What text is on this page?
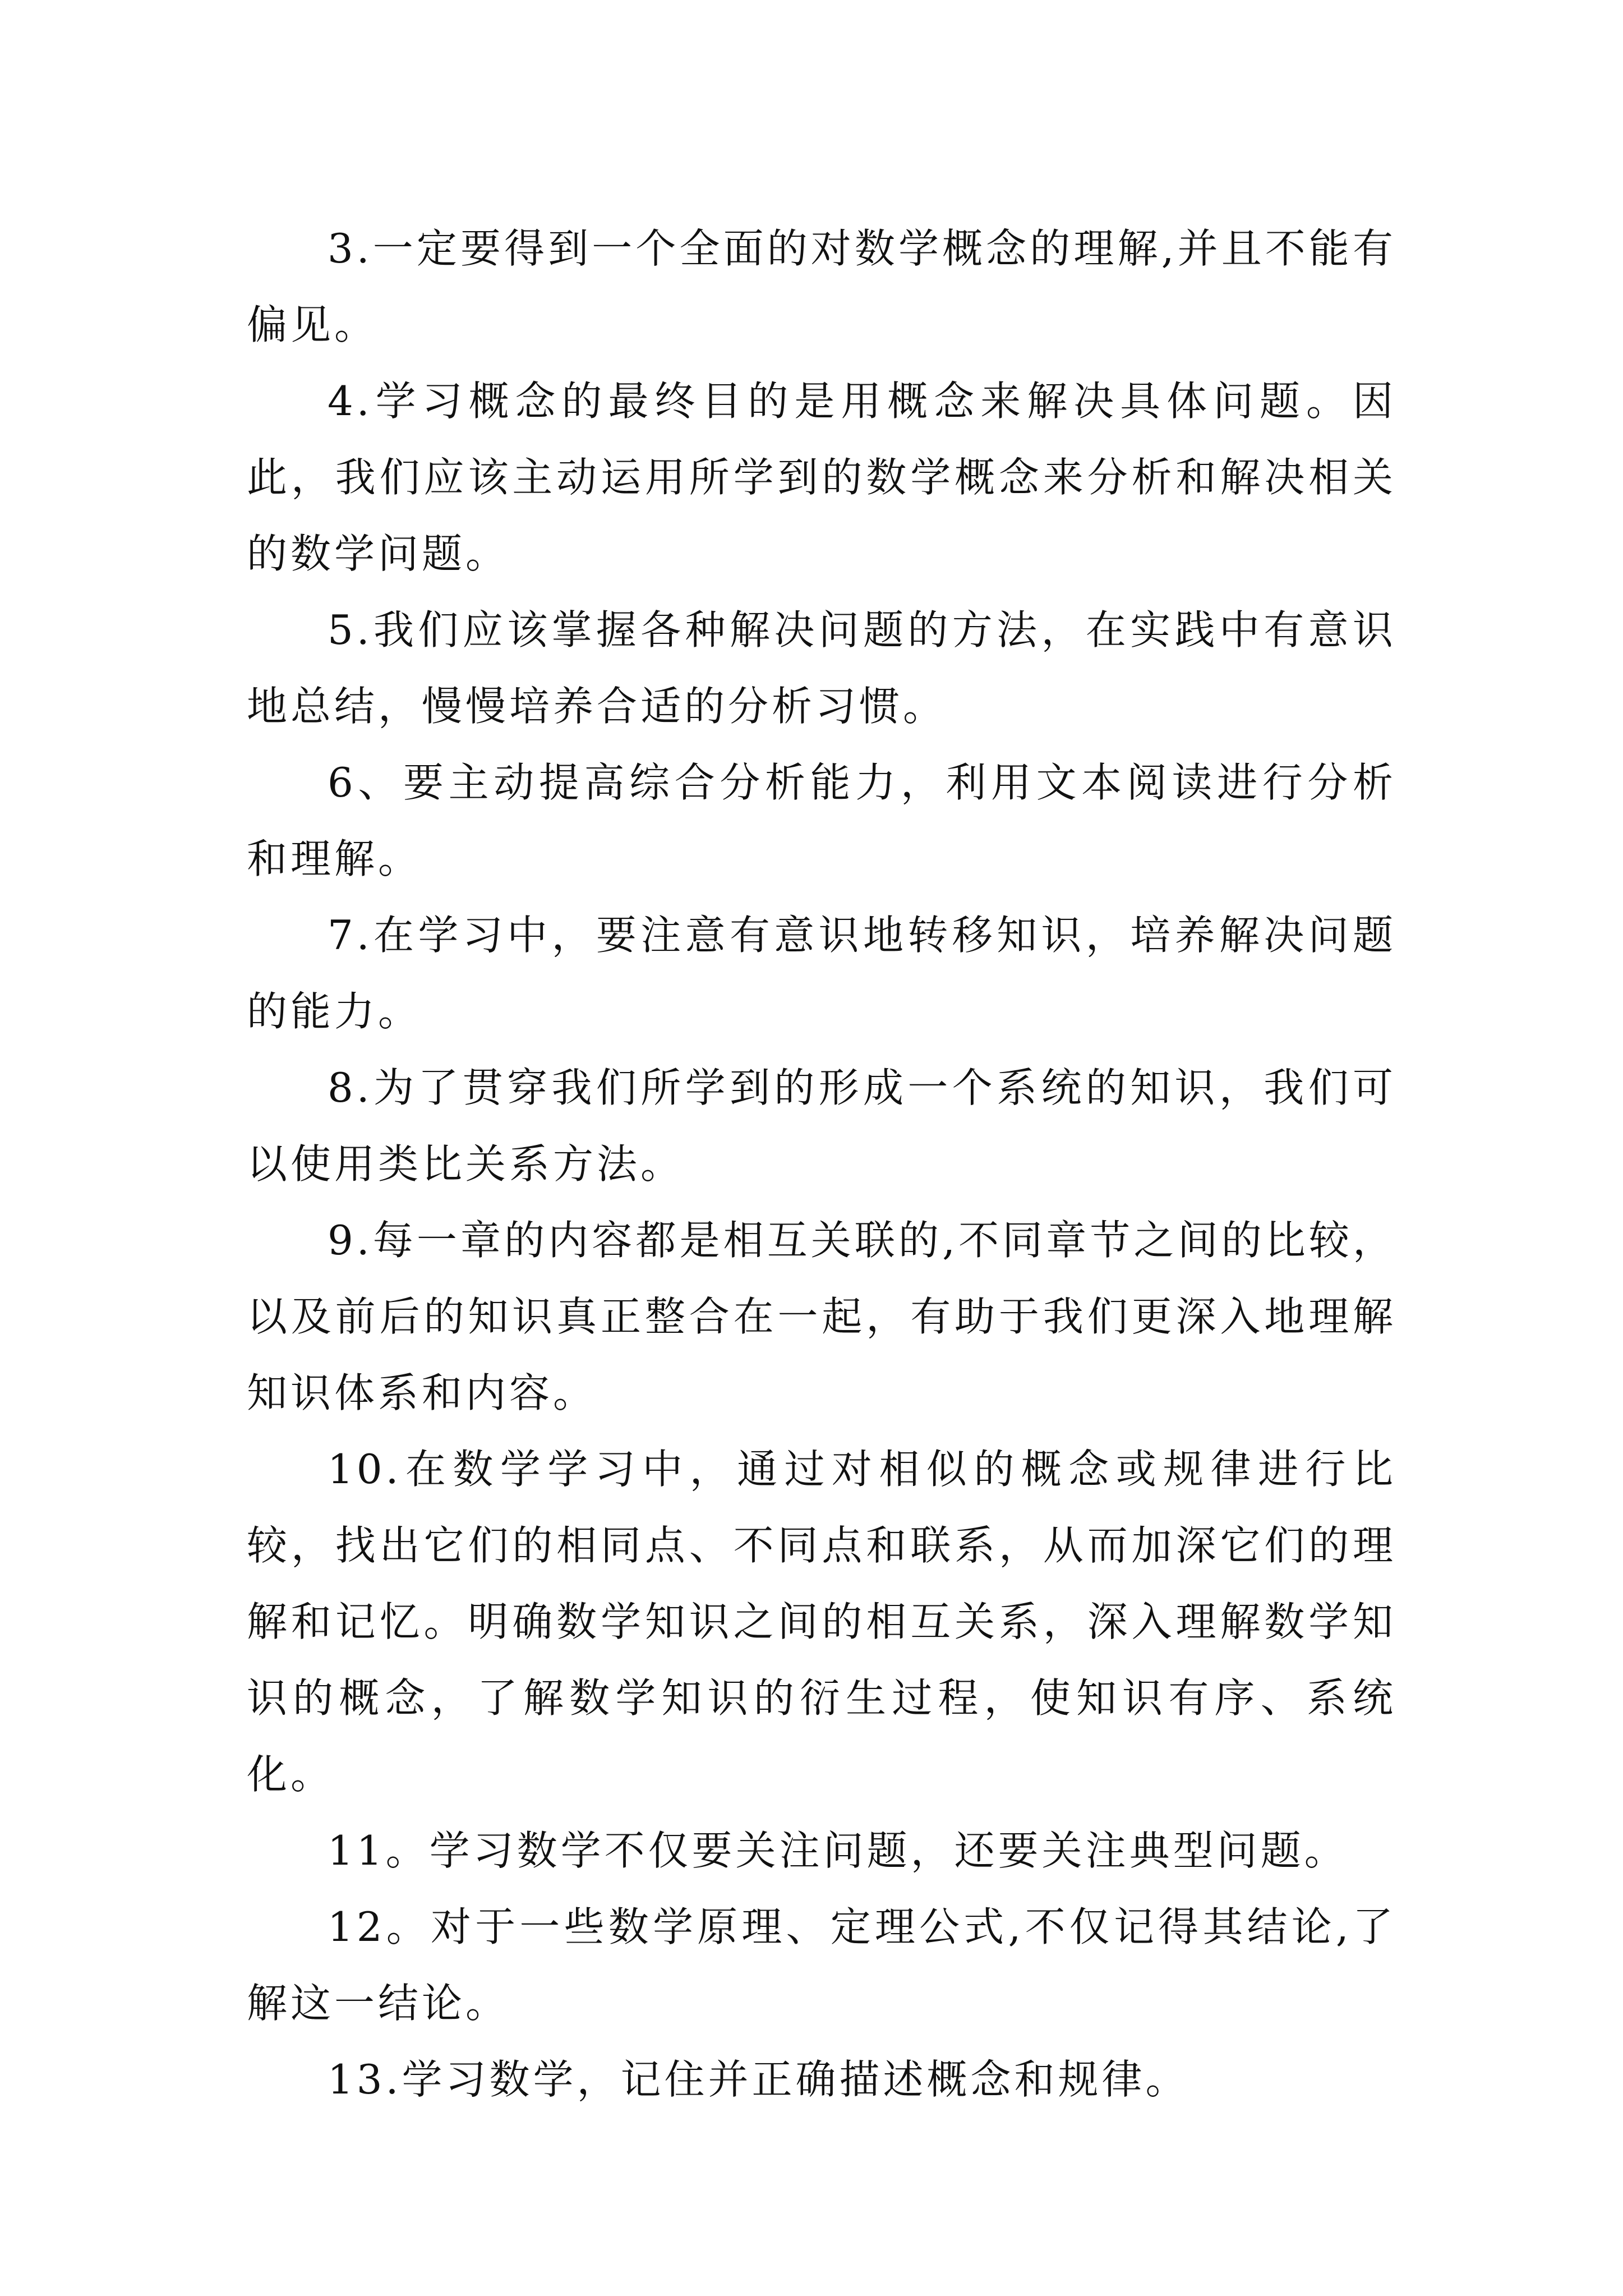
3.一定要得到一个全面的对数学概念的理解,并且不能有偏见。

4.学习概念的最终目的是用概念来解决具体问题。因此，我们应该主动运用所学到的数学概念来分析和解决相关的数学问题。

5.我们应该掌握各种解决问题的方法，在实践中有意识地总结，慢慢培养合适的分析习惯。

6、要主动提高综合分析能力，利用文本阅读进行分析和理解。

7.在学习中，要注意有意识地转移知识，培养解决问题的能力。

8.为了贯穿我们所学到的形成一个系统的知识，我们可以使用类比关系方法。

9.每一章的内容都是相互关联的,不同章节之间的比较，以及前后的知识真正整合在一起，有助于我们更深入地理解知识体系和内容。

10.在数学学习中，通过对相似的概念或规律进行比较，找出它们的相同点、不同点和联系，从而加深它们的理解和记忆。明确数学知识之间的相互关系，深入理解数学知识的概念，了解数学知识的衍生过程，使知识有序、系统化。

11。学习数学不仅要关注问题，还要关注典型问题。

12。对于一些数学原理、定理公式,不仅记得其结论,了解这一结论。

13.学习数学，记住并正确描述概念和规律。
